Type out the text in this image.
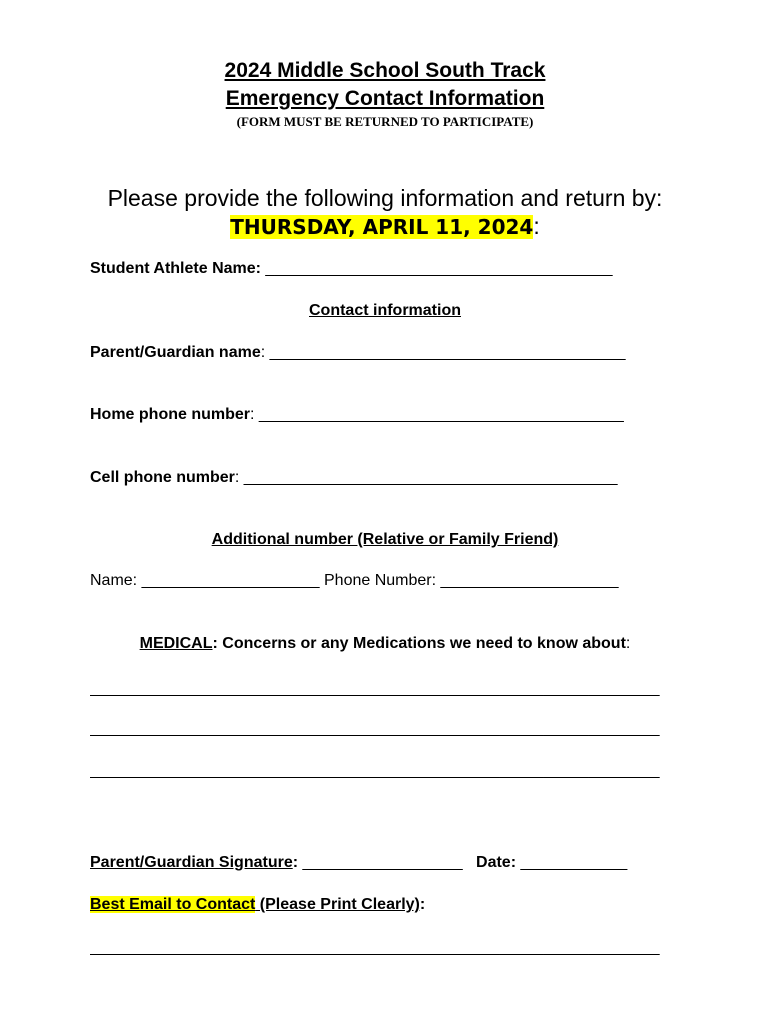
2024 Middle School South Track
Emergency Contact Information
(FORM MUST BE RETURNED TO PARTICIPATE)
Please provide the following information and return by:
THURSDAY, APRIL 11, 2024:
Student Athlete Name: _______________________________________
Contact information
Parent/Guardian name: ________________________________________
Home phone number: _________________________________________
Cell phone number: __________________________________________
Additional number (Relative or Family Friend)
Name: ____________________ Phone Number: ____________________
MEDICAL: Concerns or any Medications we need to know about:
________________________________________________________________
________________________________________________________________
________________________________________________________________
Parent/Guardian Signature: __________________   Date: ____________
Best Email to Contact (Please Print Clearly):
________________________________________________________________
